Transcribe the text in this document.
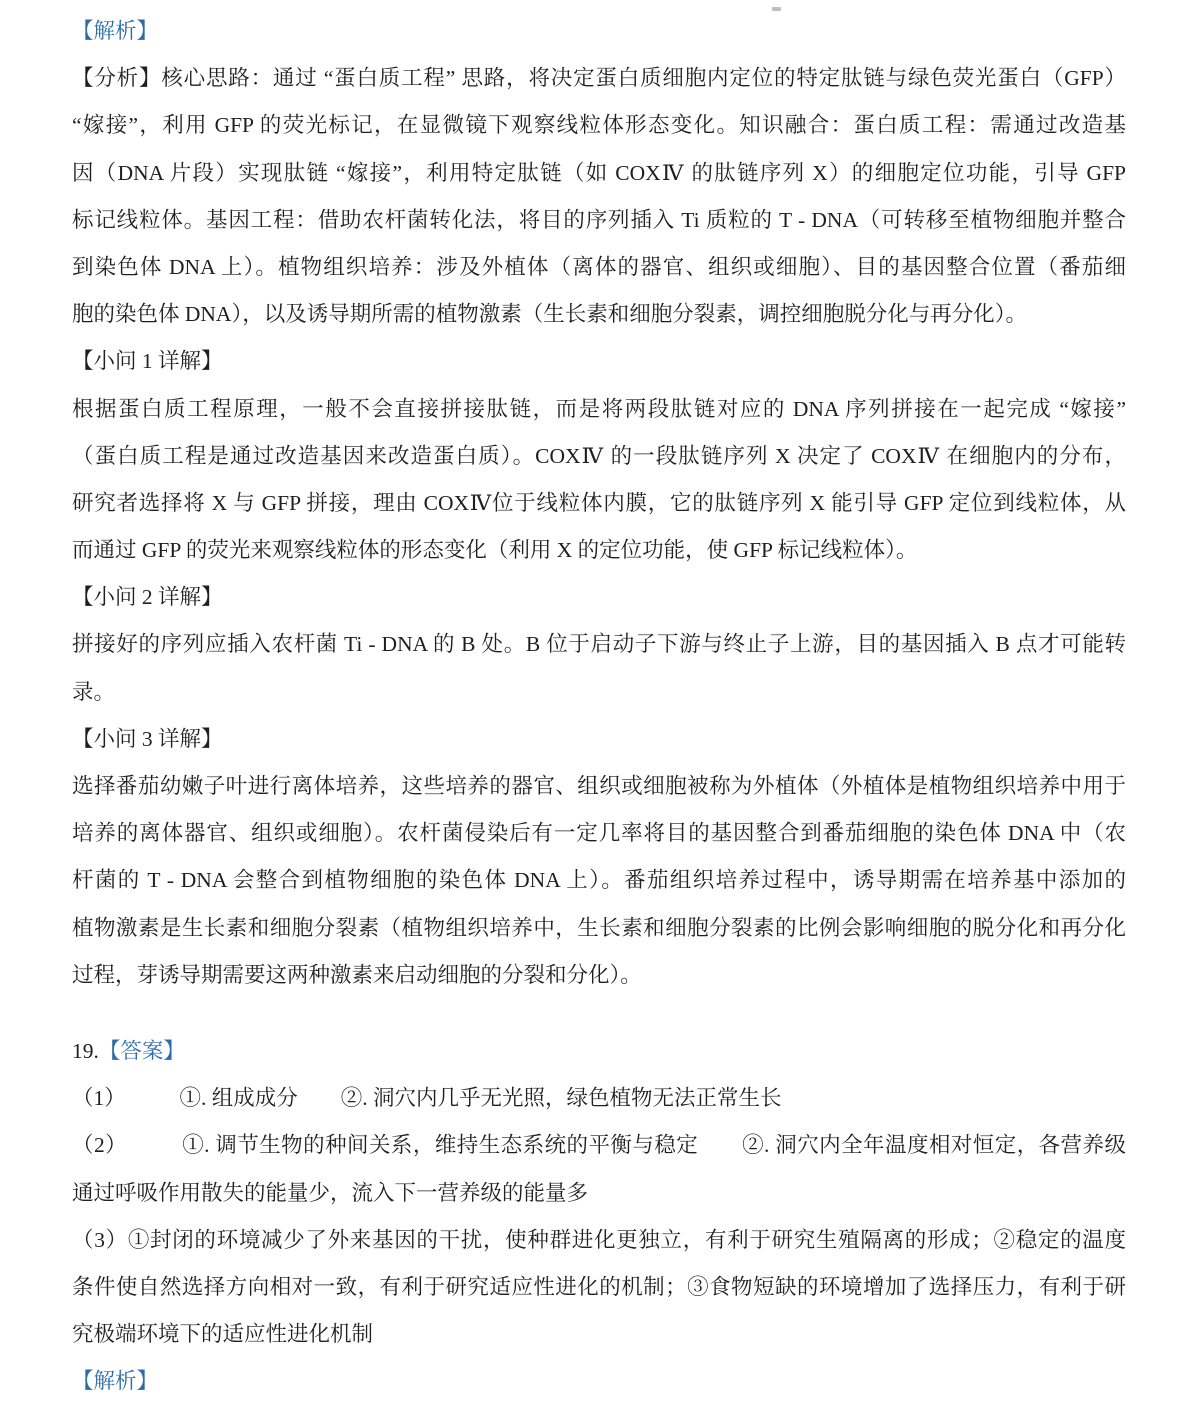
【解析】
【分析】核心思路：通过 “蛋白质工程” 思路，将决定蛋白质细胞内定位的特定肽链与绿色荧光蛋白（GFP）
“嫁接”，利用 GFP 的荧光标记，在显微镜下观察线粒体形态变化。知识融合：蛋白质工程：需通过改造基
因（DNA 片段）实现肽链 “嫁接”，利用特定肽链（如 COXⅣ 的肽链序列 X）的细胞定位功能，引导 GFP
标记线粒体。基因工程：借助农杆菌转化法，将目的序列插入 Ti 质粒的 T - DNA（可转移至植物细胞并整合
到染色体 DNA 上）。植物组织培养：涉及外植体（离体的器官、组织或细胞）、目的基因整合位置（番茄细
胞的染色体 DNA），以及诱导期所需的植物激素（生长素和细胞分裂素，调控细胞脱分化与再分化）。
【小问 1 详解】
根据蛋白质工程原理，一般不会直接拼接肽链，而是将两段肽链对应的 DNA 序列拼接在一起完成 “嫁接”
（蛋白质工程是通过改造基因来改造蛋白质）。COXⅣ 的一段肽链序列 X 决定了 COXⅣ 在细胞内的分布，
研究者选择将 X 与 GFP 拼接，理由 COXⅣ位于线粒体内膜，它的肽链序列 X 能引导 GFP 定位到线粒体，从
而通过 GFP 的荧光来观察线粒体的形态变化（利用 X 的定位功能，使 GFP 标记线粒体）。
【小问 2 详解】
拼接好的序列应插入农杆菌 Ti - DNA 的 B 处。B 位于启动子下游与终止子上游，目的基因插入 B 点才可能转
录。
【小问 3 详解】
选择番茄幼嫩子叶进行离体培养，这些培养的器官、组织或细胞被称为外植体（外植体是植物组织培养中用于
培养的离体器官、组织或细胞）。农杆菌侵染后有一定几率将目的基因整合到番茄细胞的染色体 DNA 中（农
杆菌的 T - DNA 会整合到植物细胞的染色体 DNA 上）。番茄组织培养过程中，诱导期需在培养基中添加的
植物激素是生长素和细胞分裂素（植物组织培养中，生长素和细胞分裂素的比例会影响细胞的脱分化和再分化
过程，芽诱导期需要这两种激素来启动细胞的分裂和分化）。
19.【答案】
（1）　　　①. 组成成分　　②. 洞穴内几乎无光照，绿色植物无法正常生长
（2）　　　①. 调节生物的种间关系，维持生态系统的平衡与稳定　　②. 洞穴内全年温度相对恒定，各营养级
通过呼吸作用散失的能量少，流入下一营养级的能量多
（3）①封闭的环境减少了外来基因的干扰，使种群进化更独立，有利于研究生殖隔离的形成；②稳定的温度
条件使自然选择方向相对一致，有利于研究适应性进化的机制；③食物短缺的环境增加了选择压力，有利于研
究极端环境下的适应性进化机制
【解析】
